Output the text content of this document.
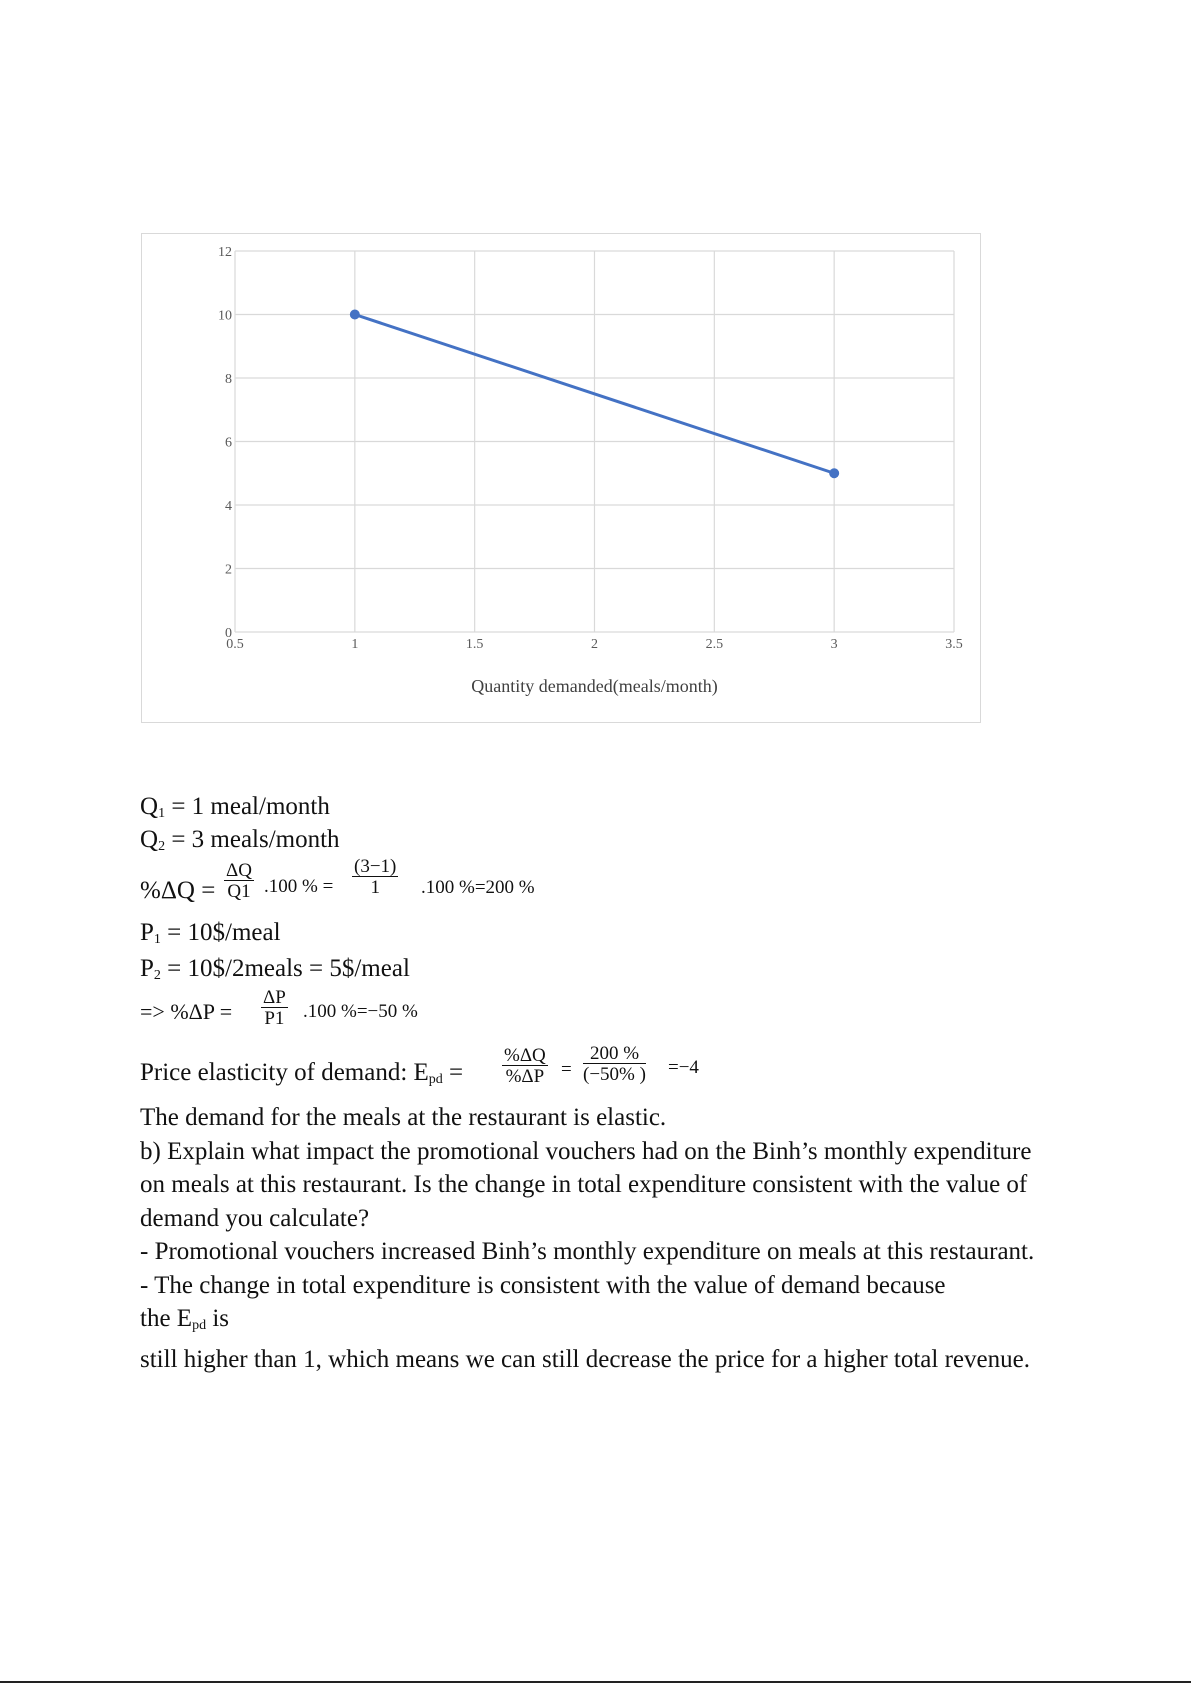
0.5	1	1.5	2	2.5	3	3.5
0
2
4
6
8
10
12
Quantity demanded(meals/month)
$Q_1 = 1$ meal/month
$Q_2 = 3$ meals/month
$\%\Delta Q = \frac{\Delta Q}{Q1} .100$ % = $\frac{(3-1)}{1} .100$ %=200 %
$P_1$ = 10$/meal
$P_2$ = 10$/2meals = 5$/meal
=> $\%\Delta P = \frac{\Delta P}{P1} .100$ %=−50 %
Price elasticity of demand: $E_{pd} = \frac{\%\Delta Q}{\%\Delta P} = \frac{200 \%}{(-50\% )} =-4$

The demand for the meals at the restaurant is elastic.

b) Explain what impact the promotional vouchers had on the Binh’s monthly expenditure on meals at this restaurant. Is the change in total expenditure consistent with the value of demand you calculate?

- Promotional vouchers increased Binh’s monthly expenditure on meals at this restaurant.

- The change in total expenditure is consistent with the value of demand because

the $E_{pd}$ is

still higher than 1, which means we can still decrease the price for a higher total revenue.
